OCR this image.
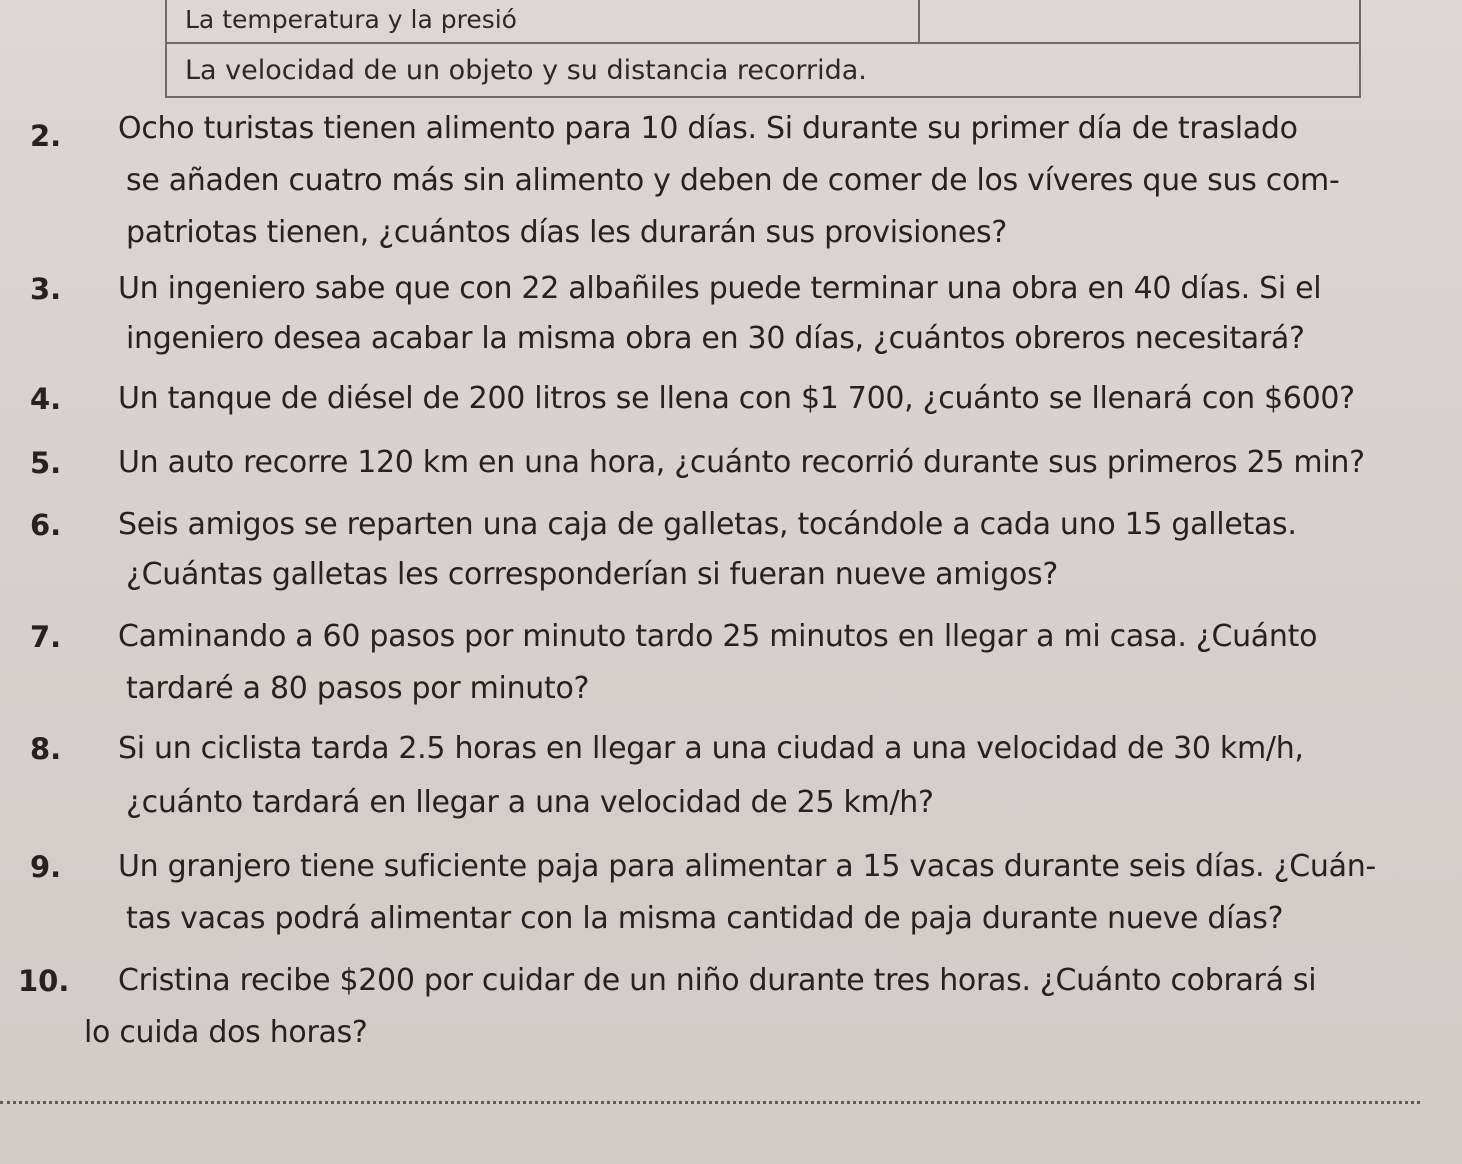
La temperatura y la presió
La velocidad de un objeto y su distancia recorrida.
2. Ocho turistas tienen alimento para 10 días. Si durante su primer día de traslado
se añaden cuatro más sin alimento y deben de comer de los víveres que sus com-
patriotas tienen, ¿cuántos días les durarán sus provisiones?
3. Un ingeniero sabe que con 22 albañiles puede terminar una obra en 40 días. Si el
ingeniero desea acabar la misma obra en 30 días, ¿cuántos obreros necesitará?
4. Un tanque de diésel de 200 litros se llena con $1 700, ¿cuánto se llenará con $600?
5. Un auto recorre 120 km en una hora, ¿cuánto recorrió durante sus primeros 25 min?
6. Seis amigos se reparten una caja de galletas, tocándole a cada uno 15 galletas.
¿Cuántas galletas les corresponderían si fueran nueve amigos?
7. Caminando a 60 pasos por minuto tardo 25 minutos en llegar a mi casa. ¿Cuánto
tardaré a 80 pasos por minuto?
8. Si un ciclista tarda 2.5 horas en llegar a una ciudad a una velocidad de 30 km/h,
¿cuánto tardará en llegar a una velocidad de 25 km/h?
9. Un granjero tiene suficiente paja para alimentar a 15 vacas durante seis días. ¿Cuán-
tas vacas podrá alimentar con la misma cantidad de paja durante nueve días?
10. Cristina recibe $200 por cuidar de un niño durante tres horas. ¿Cuánto cobrará si
lo cuida dos horas?
